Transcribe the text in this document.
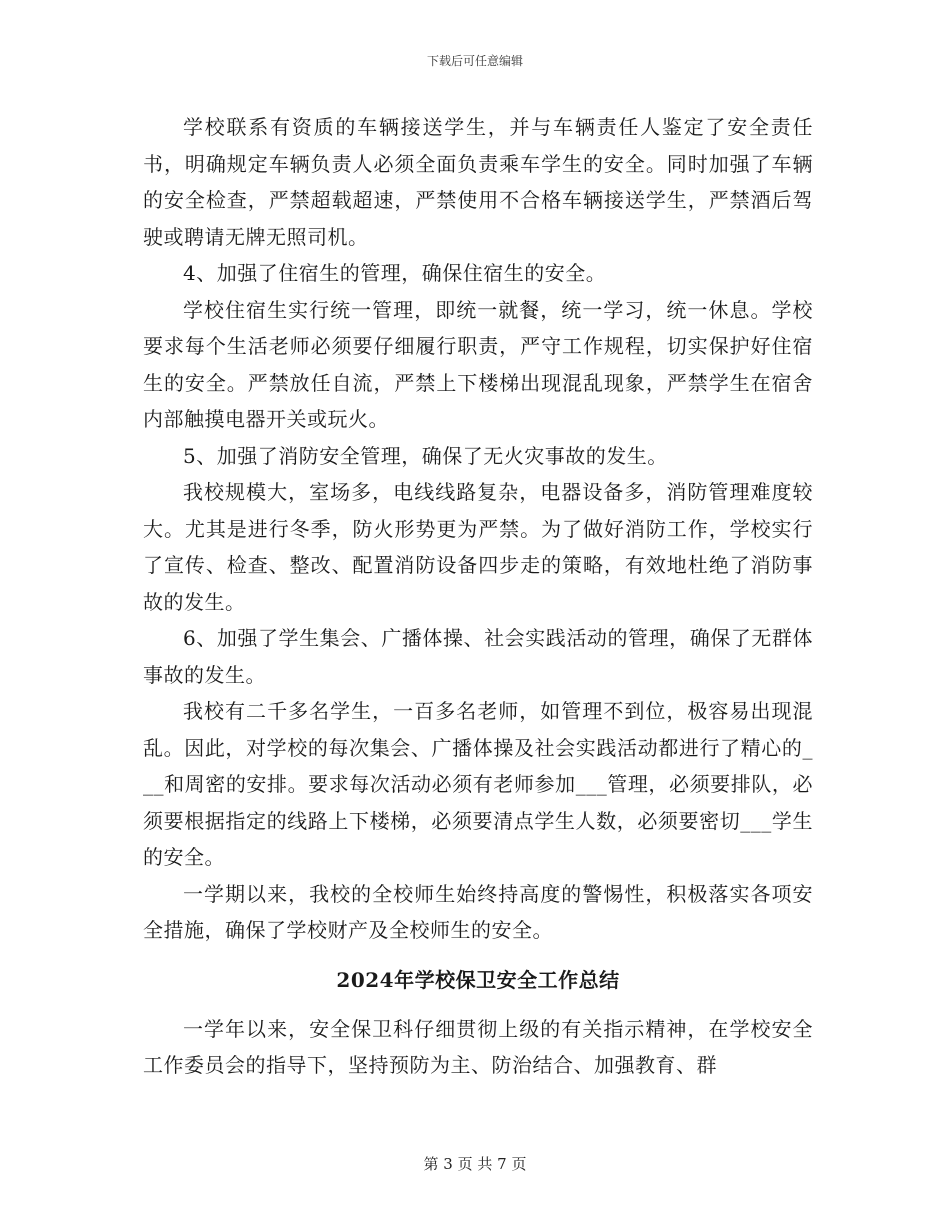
下载后可任意编辑

学校联系有资质的车辆接送学生，并与车辆责任人鉴定了安全责任书，明确规定车辆负责人必须全面负责乘车学生的安全。同时加强了车辆的安全检查，严禁超载超速，严禁使用不合格车辆接送学生，严禁酒后驾驶或聘请无牌无照司机。

4、加强了住宿生的管理，确保住宿生的安全。

学校住宿生实行统一管理，即统一就餐，统一学习，统一休息。学校要求每个生活老师必须要仔细履行职责，严守工作规程，切实保护好住宿生的安全。严禁放任自流，严禁上下楼梯出现混乱现象，严禁学生在宿舍内部触摸电器开关或玩火。

5、加强了消防安全管理，确保了无火灾事故的发生。

我校规模大，室场多，电线线路复杂，电器设备多，消防管理难度较大。尤其是进行冬季，防火形势更为严禁。为了做好消防工作，学校实行了宣传、检查、整改、配置消防设备四步走的策略，有效地杜绝了消防事故的发生。

6、加强了学生集会、广播体操、社会实践活动的管理，确保了无群体事故的发生。

我校有二千多名学生，一百多名老师，如管理不到位，极容易出现混乱。因此，对学校的每次集会、广播体操及社会实践活动都进行了精心的___和周密的安排。要求每次活动必须有老师参加___管理，必须要排队，必须要根据指定的线路上下楼梯，必须要清点学生人数，必须要密切___学生的安全。

一学期以来，我校的全校师生始终持高度的警惕性，积极落实各项安全措施，确保了学校财产及全校师生的安全。

2024年学校保卫安全工作总结

一学年以来，安全保卫科仔细贯彻上级的有关指示精神，在学校安全工作委员会的指导下，坚持预防为主、防治结合、加强教育、群

第 3 页 共 7 页
